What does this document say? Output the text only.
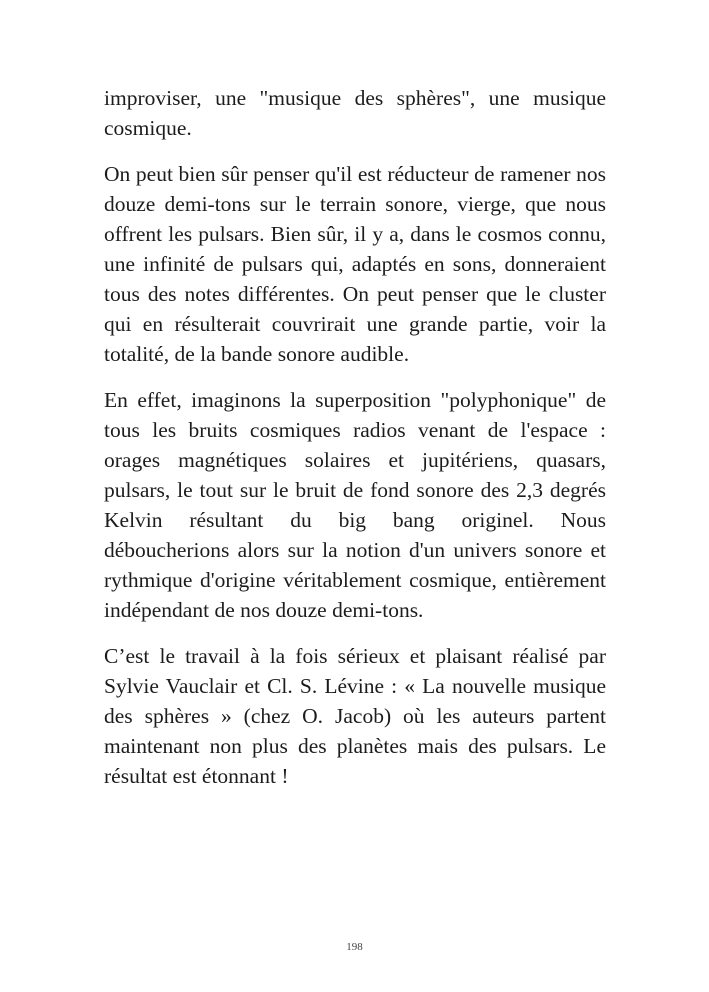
improviser, une "musique des sphères", une musique cosmique.

On peut bien sûr penser qu'il est réducteur de ramener nos douze demi-tons sur le terrain sonore, vierge, que nous offrent les pulsars. Bien sûr, il y a, dans le cosmos connu, une infinité de pulsars qui, adaptés en sons, donneraient tous des notes différentes. On peut penser que le cluster qui en résulterait couvrirait une grande partie, voir la totalité, de la bande sonore audible.

En effet, imaginons la superposition "polyphonique" de tous les bruits cosmiques radios venant de l'espace : orages magnétiques solaires et jupitériens, quasars, pulsars, le tout sur le bruit de fond sonore des 2,3 degrés Kelvin résultant du big bang originel. Nous déboucherions alors sur la notion d'un univers sonore et rythmique d'origine véritablement cosmique, entièrement indépendant de nos douze demi-tons.

C’est le travail à la fois sérieux et plaisant réalisé par Sylvie Vauclair et Cl. S. Lévine : « La nouvelle musique des sphères » (chez O. Jacob) où les auteurs partent maintenant non plus des planètes mais des pulsars. Le résultat est étonnant !

198
